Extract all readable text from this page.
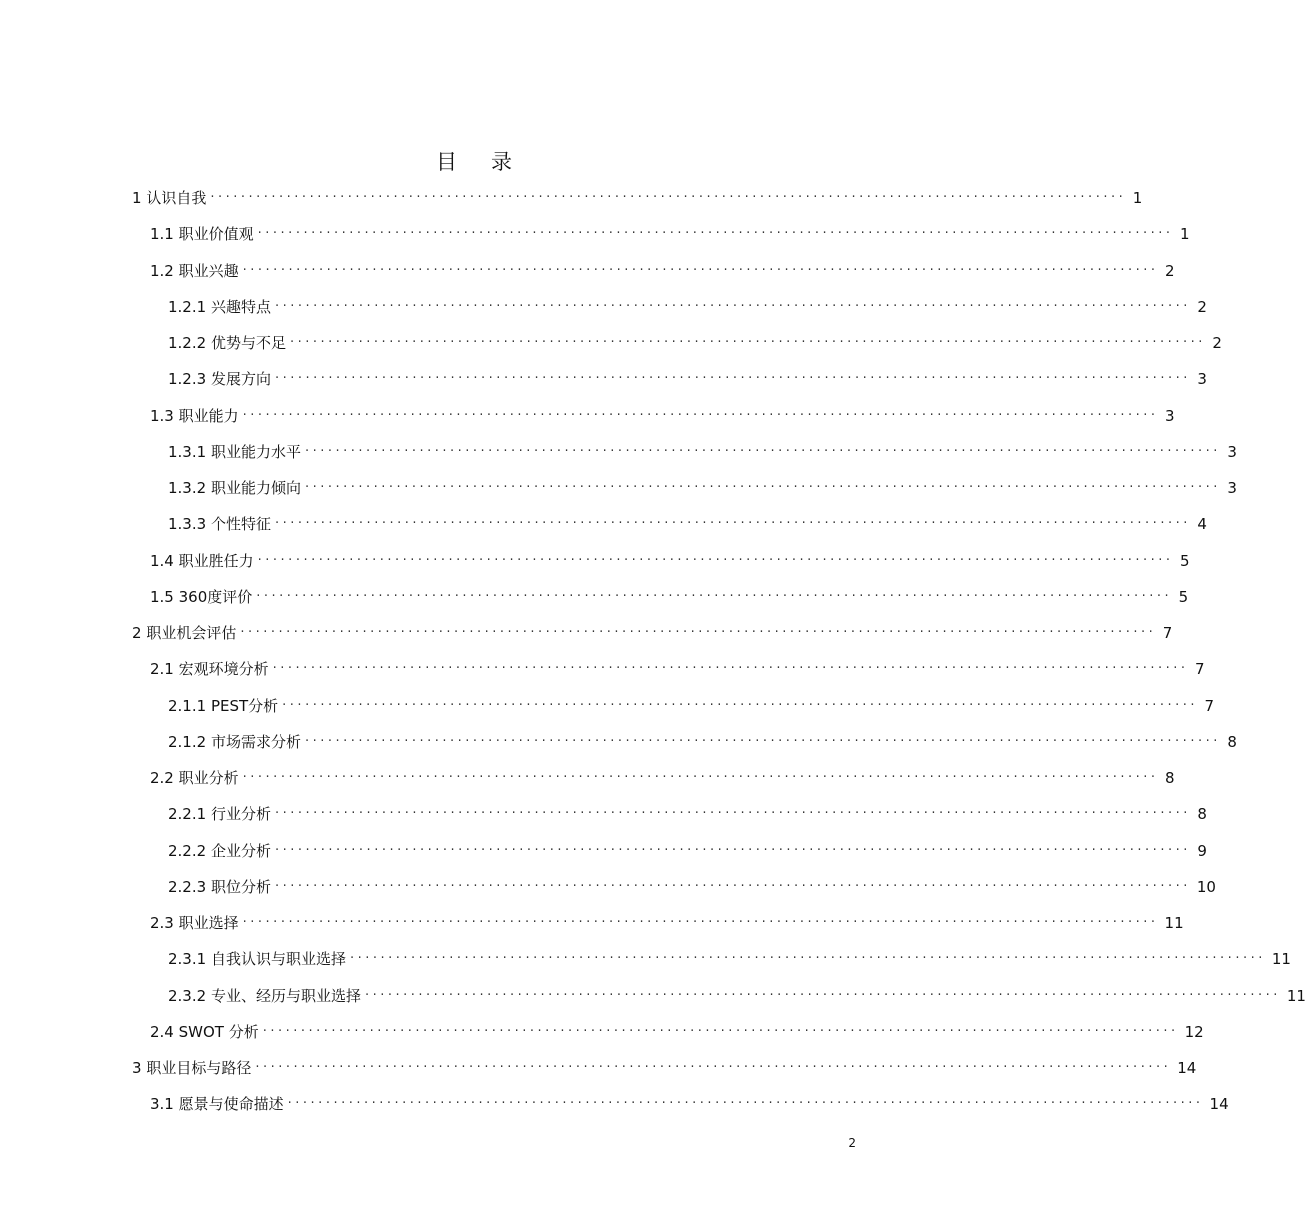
目 录
1
认识自我 ························································································································ 1
1.1
职业价值观 ························································································································ 1
1.2
职业兴趣 ························································································································ 2
1.2.1
兴趣特点 ························································································································ 2
1.2.2
优势与不足 ························································································································ 2
1.2.3
发展方向 ························································································································ 3
1.3
职业能力 ························································································································ 3
1.3.1
职业能力水平 ························································································································ 3
1.3.2
职业能力倾向 ························································································································ 3
1.3.3
个性特征 ························································································································ 4
1.4
职业胜任力 ························································································································ 5
1.5
360度评价 ························································································································ 5
2
职业机会评估 ························································································································ 7
2.1
宏观环境分析 ························································································································ 7
2.1.1
PEST分析 ························································································································ 7
2.1.2
市场需求分析 ························································································································ 8
2.2
职业分析 ························································································································ 8
2.2.1
行业分析 ························································································································ 8
2.2.2
企业分析 ························································································································ 9
2.2.3
职位分析 ························································································································ 10
2.3
职业选择 ························································································································ 11
2.3.1
自我认识与职业选择 ························································································································ 11
2.3.2
专业、经历与职业选择 ························································································································ 11
2.4
SWOT 分析 ························································································································ 12
3
职业目标与路径 ························································································································ 14
3.1
愿景与使命描述 ························································································································ 14
2
